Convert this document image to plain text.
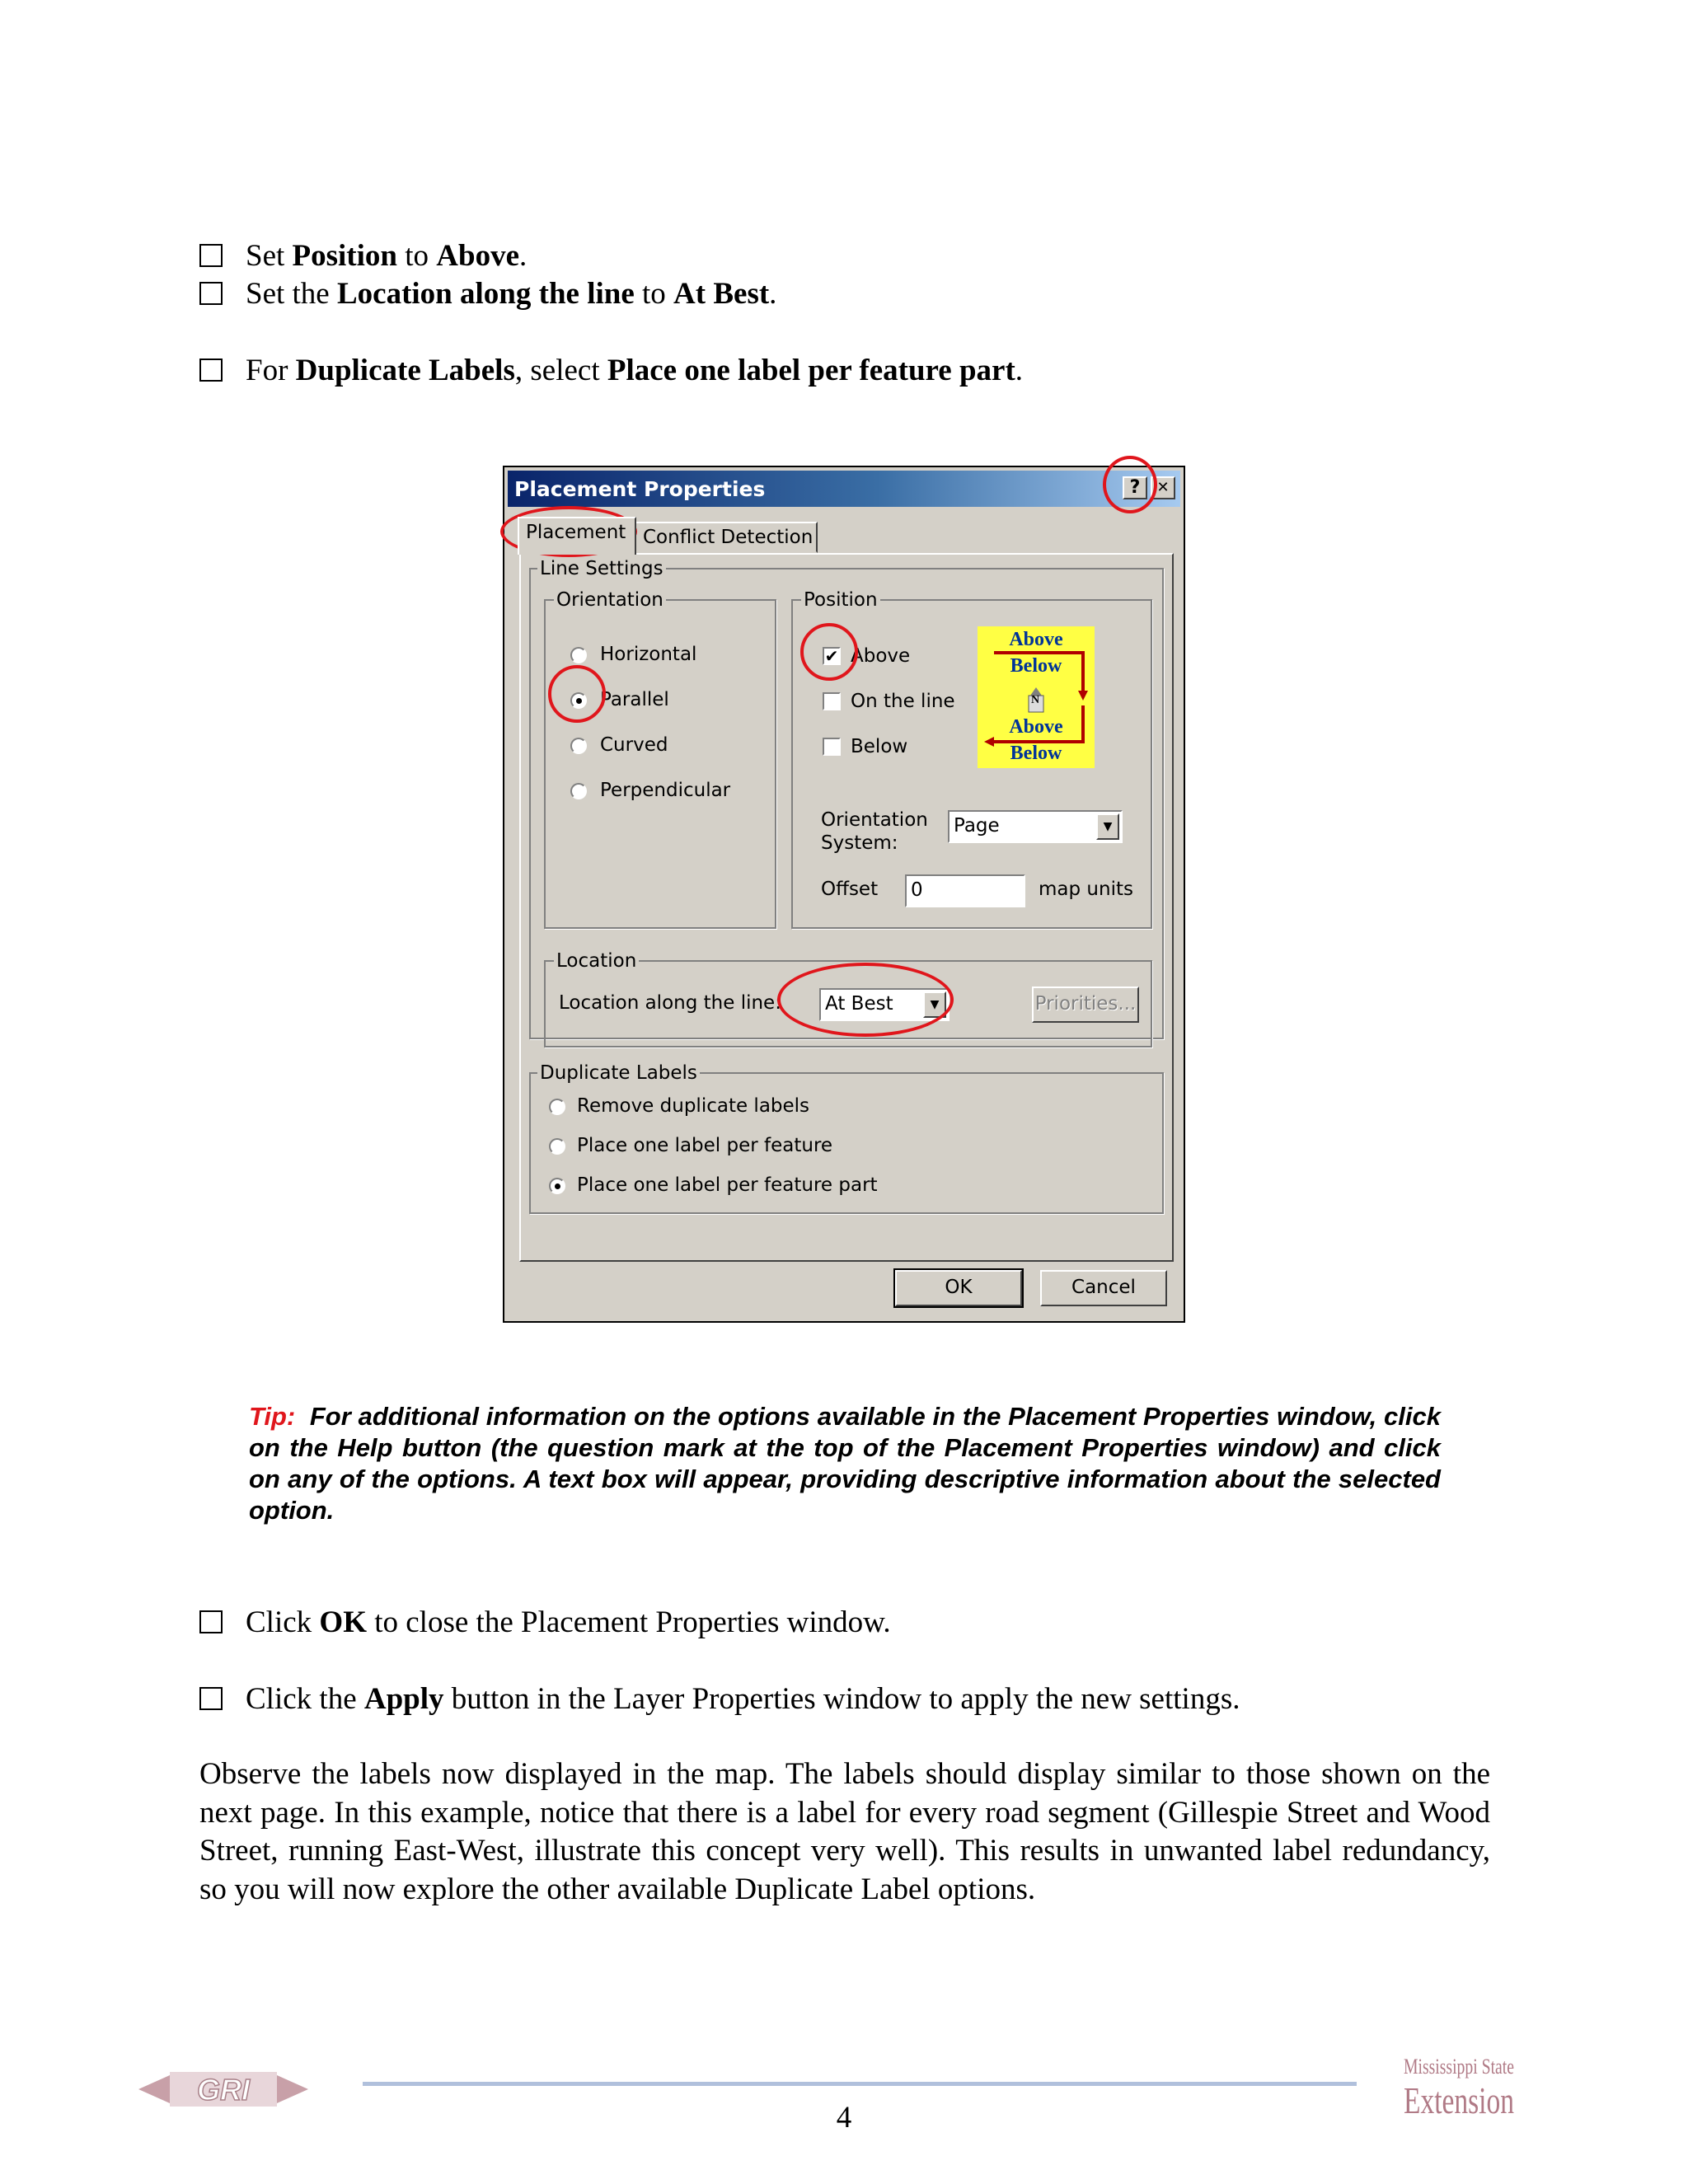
Set Position to Above.
Set the Location along the line to At Best.
For Duplicate Labels, select Place one label per feature part.
Placement Properties	?	✕
Placement Conflict Detection
Line Settings
Orientation
Horizontal
Parallel
Curved
Perpendicular
Position
✔ Above
On the line
Below
Orientation
System:
Page	▼
Offset	0	map units
Location
Location along the line:	At Best	▼	Priorities...
Duplicate Labels
Remove duplicate labels
Place one label per feature
Place one label per feature part
OK	Cancel
Above
Below
N
Above
Below
Tip: For additional information on the options available in the Placement Properties window, click on the Help button (the question mark at the top of the Placement Properties window) and click on any of the options. A text box will appear, providing descriptive information about the selected option.
Click OK to close the Placement Properties window.
Click the Apply button in the Layer Properties window to apply the new settings.
Observe the labels now displayed in the map. The labels should display similar to those shown on the next page. In this example, notice that there is a label for every road segment (Gillespie Street and Wood Street, running East-West, illustrate this concept very well). This results in unwanted label redundancy, so you will now explore the other available Duplicate Label options.
GRI
4
Mississippi State
Extension
